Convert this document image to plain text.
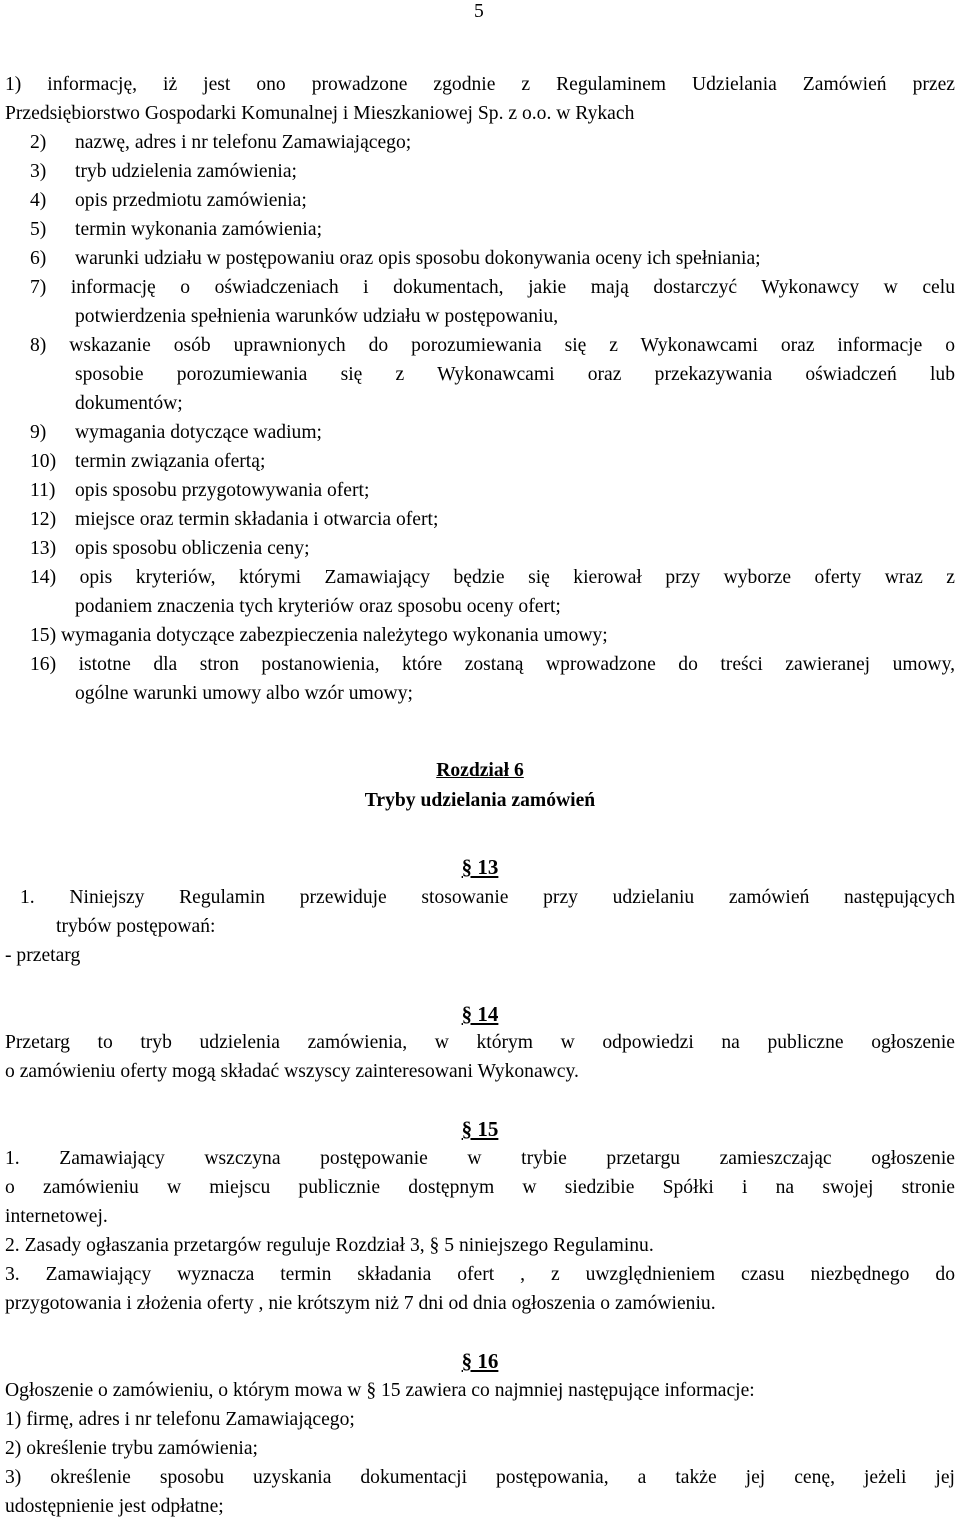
5

1) informację, iż jest ono prowadzone zgodnie z Regulaminem Udzielania Zamówień przez

Przedsiębiorstwo Gospodarki Komunalnej i Mieszkaniowej Sp. z o.o. w Rykach

2)	nazwę, adres i nr telefonu Zamawiającego;
3)	tryb udzielenia zamówienia;
4)	opis przedmiotu zamówienia;
5)	termin wykonania zamówienia;
6)	warunki udziału w postępowaniu oraz opis sposobu dokonywania oceny ich spełniania;

7) informację o oświadczeniach i dokumentach, jakie mają dostarczyć Wykonawcy w celu

potwierdzenia spełnienia warunków udziału w postępowaniu,

8) wskazanie osób uprawnionych do porozumiewania się z Wykonawcami oraz informacje o

sposobie porozumiewania się z Wykonawcami oraz przekazywania oświadczeń lub

dokumentów;

9)	wymagania dotyczące wadium;
10) termin związania ofertą;
11) opis sposobu przygotowywania ofert;
12) miejsce oraz termin składania i otwarcia ofert;
13) opis sposobu obliczenia ceny;

14) opis kryteriów, którymi Zamawiający będzie się kierował przy wyborze oferty wraz z

podaniem znaczenia tych kryteriów oraz sposobu oceny ofert;

15) wymagania dotyczące zabezpieczenia należytego wykonania umowy;

16) istotne dla stron postanowienia, które zostaną wprowadzone do treści zawieranej umowy,

ogólne warunki umowy albo wzór umowy;

Rozdział 6

Tryby udzielania zamówień

§ 13

1. Niniejszy Regulamin przewiduje stosowanie przy udzielaniu zamówień następujących

trybów postępowań:

- przetarg

§ 14

Przetarg to tryb udzielenia zamówienia, w którym w odpowiedzi na publiczne ogłoszenie

o zamówieniu oferty mogą składać wszyscy zainteresowani Wykonawcy.

§ 15

1. Zamawiający wszczyna postępowanie w trybie przetargu zamieszczając ogłoszenie

o zamówieniu w miejscu publicznie dostępnym w siedzibie Spółki i na swojej stronie

internetowej.

2. Zasady ogłaszania przetargów reguluje Rozdział 3, § 5 niniejszego Regulaminu.

3. Zamawiający wyznacza termin składania ofert , z uwzględnieniem czasu niezbędnego do

przygotowania i złożenia oferty , nie krótszym niż 7 dni od dnia ogłoszenia o zamówieniu.

§ 16

Ogłoszenie o zamówieniu, o którym mowa w § 15 zawiera co najmniej następujące informacje:

1) firmę, adres i nr telefonu Zamawiającego;

2) określenie trybu zamówienia;

3) określenie sposobu uzyskania dokumentacji postępowania, a także jej cenę, jeżeli jej

udostępnienie jest odpłatne;
